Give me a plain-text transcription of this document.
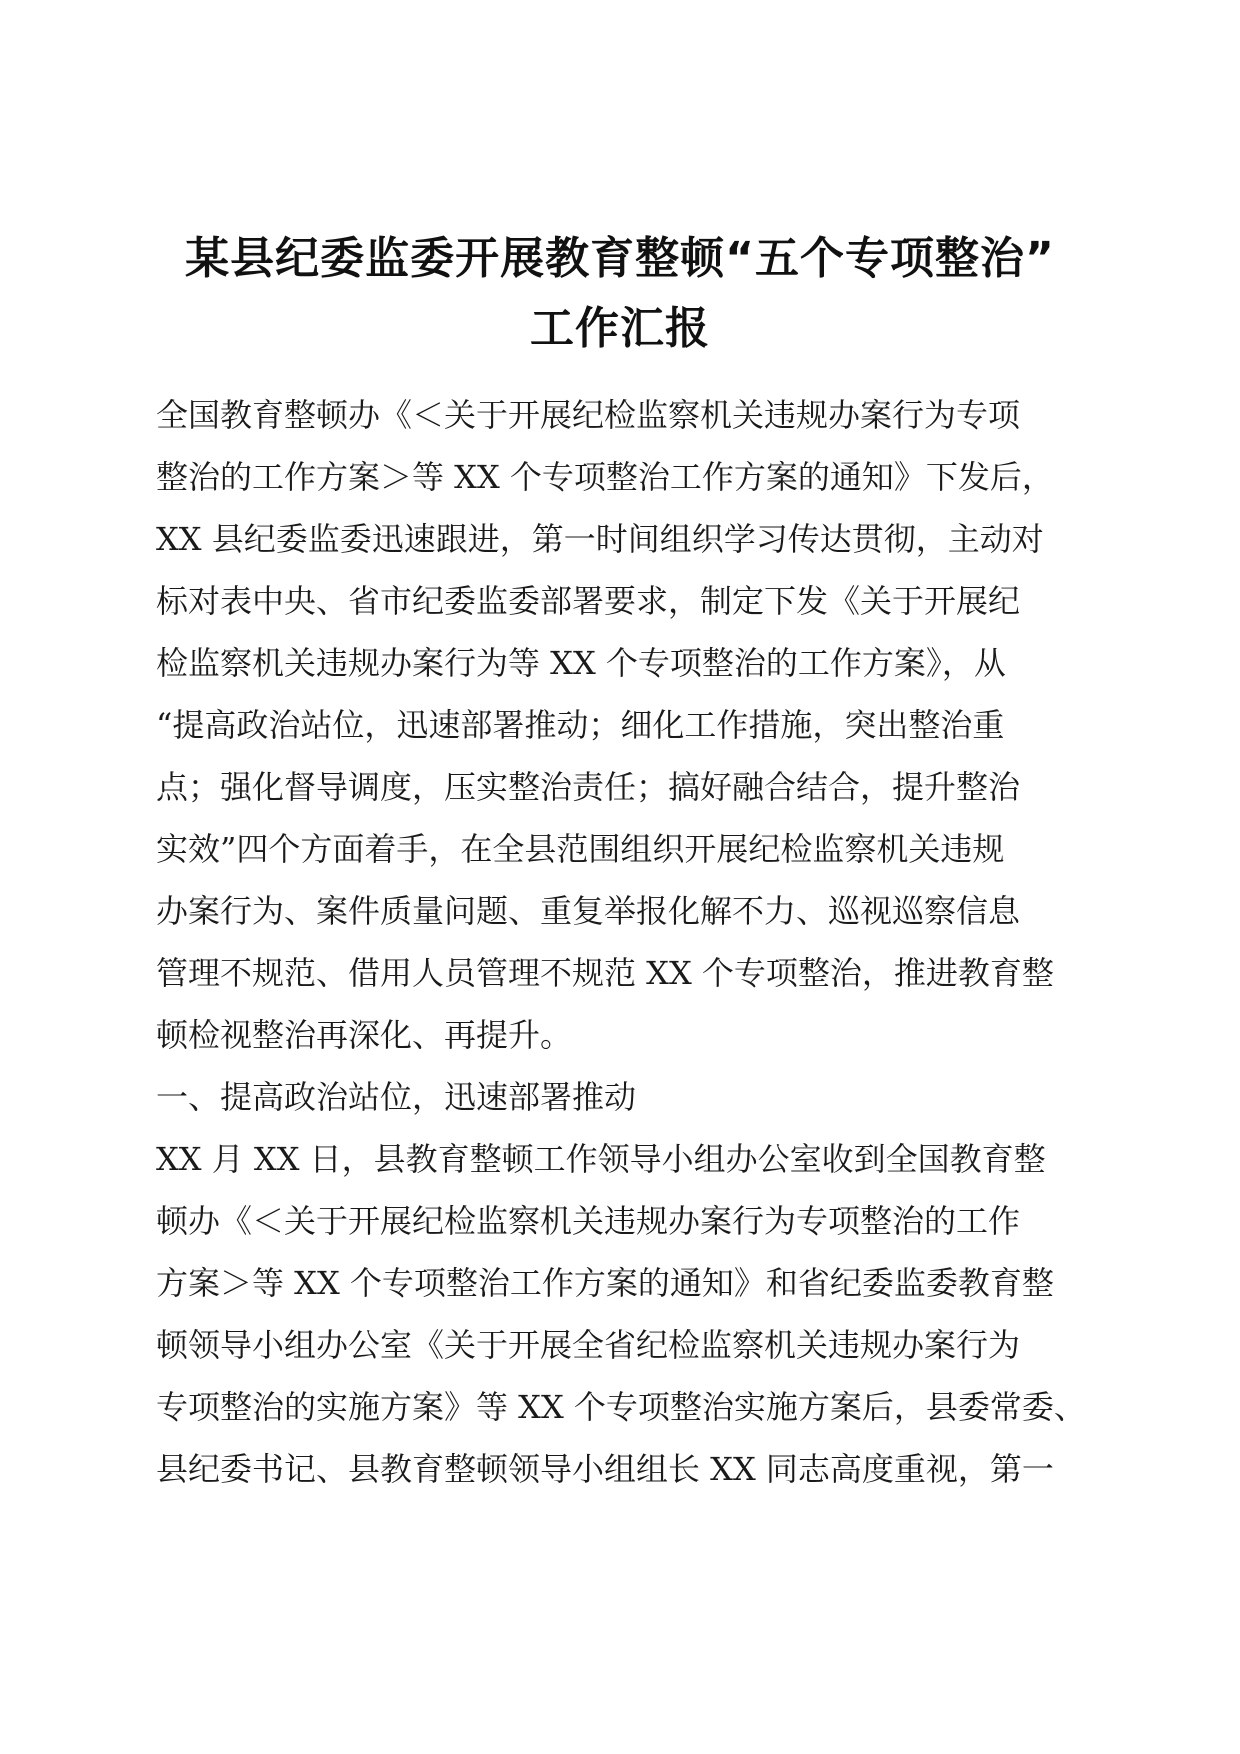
某县纪委监委开展教育整顿“五个专项整治”
工作汇报

全国教育整顿办《＜关于开展纪检监察机关违规办案行为专项

整治的工作方案＞等 XX 个专项整治工作方案的通知》下发后，

XX 县纪委监委迅速跟进，第一时间组织学习传达贯彻，主动对

标对表中央、省市纪委监委部署要求，制定下发《关于开展纪

检监察机关违规办案行为等 XX 个专项整治的工作方案》，从

“提高政治站位，迅速部署推动；细化工作措施，突出整治重

点；强化督导调度，压实整治责任；搞好融合结合，提升整治

实效”四个方面着手，在全县范围组织开展纪检监察机关违规

办案行为、案件质量问题、重复举报化解不力、巡视巡察信息

管理不规范、借用人员管理不规范 XX 个专项整治，推进教育整

顿检视整治再深化、再提升。

一、提高政治站位，迅速部署推动

XX 月 XX 日，县教育整顿工作领导小组办公室收到全国教育整

顿办《＜关于开展纪检监察机关违规办案行为专项整治的工作

方案＞等 XX 个专项整治工作方案的通知》和省纪委监委教育整

顿领导小组办公室《关于开展全省纪检监察机关违规办案行为

专项整治的实施方案》等 XX 个专项整治实施方案后，县委常委、

县纪委书记、县教育整顿领导小组组长 XX 同志高度重视，第一
